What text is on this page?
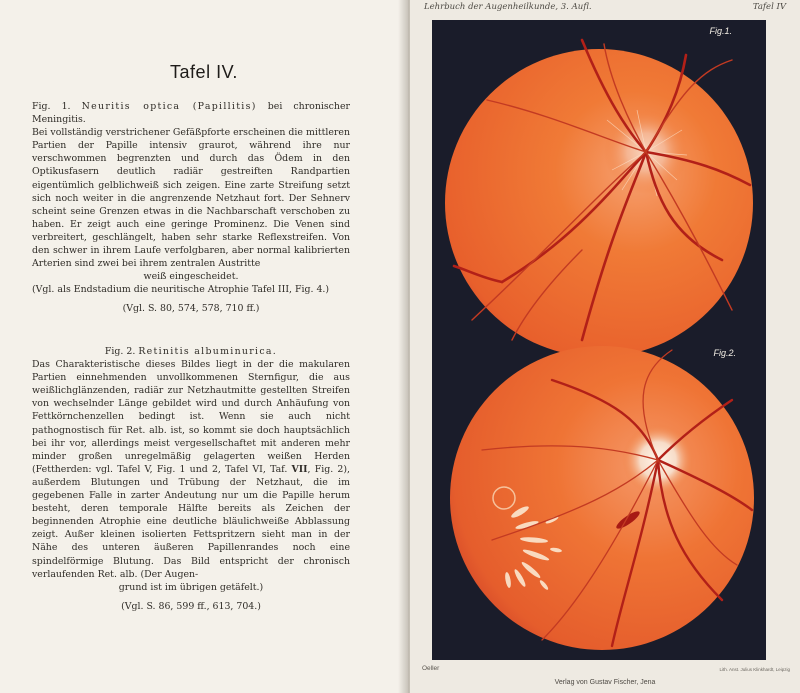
Tafel IV.

Fig. 1. Neuritis optica (Papillitis) bei chronischer Meningitis.

Bei vollständig verstrichener Gefäßpforte erscheinen die mittleren Partien der Papille intensiv graurot, während ihre nur verschwommen begrenzten und durch das Ödem in den Optikusfasern deutlich radiär gestreiften Randpartien eigentümlich gelblichweiß sich zeigen. Eine zarte Streifung setzt sich noch weiter in die angrenzende Netzhaut fort. Der Sehnerv scheint seine Grenzen etwas in die Nachbarschaft verschoben zu haben. Er zeigt auch eine geringe Prominenz. Die Venen sind verbreitert, geschlängelt, haben sehr starke Reflexstreifen. Von den schwer in ihrem Laufe verfolgbaren, aber normal kalibrierten Arterien sind zwei bei ihrem zentralen Austritte

weiß eingescheidet.

(Vgl. als Endstadium die neuritische Atrophie Tafel III, Fig. 4.)

(Vgl. S. 80, 574, 578, 710 ff.)

Fig. 2. Retinitis albuminurica.

Das Charakteristische dieses Bildes liegt in der die makularen Partien einnehmenden unvollkommenen Sternfigur, die aus weißlichglänzenden, radiär zur Netzhautmitte gestellten Streifen von wechselnder Länge gebildet wird und durch Anhäufung von Fettkörnchenzellen bedingt ist. Wenn sie auch nicht pathognostisch für Ret. alb. ist, so kommt sie doch hauptsächlich bei ihr vor, allerdings meist vergesellschaftet mit anderen mehr minder großen unregelmäßig gelagerten weißen Herden (Fettherden: vgl. Tafel V, Fig. 1 und 2, Tafel VI, Taf. VII, Fig. 2), außerdem Blutungen und Trübung der Netzhaut, die im gegebenen Falle in zarter Andeutung nur um die Papille herum besteht, deren temporale Hälfte bereits als Zeichen der beginnenden Atrophie eine deutliche bläulichweiße Abblassung zeigt. Außer kleinen isolierten Fettspritzern sieht man in der Nähe des unteren äußeren Papillenrandes noch eine spindelförmige Blutung. Das Bild entspricht der chronisch verlaufenden Ret. alb. (Der Augen-

grund ist im übrigen getäfelt.)
(Vgl. S. 86, 599 ff., 613, 704.)
Lehrbuch der Augenheilkunde, 3. Aufl.	Tafel IV
Fig.1.
Fig.2.
Oeller	Lith. Anst. Julius Klinkhardt, Leipzig
Verlag von Gustav Fischer, Jena
